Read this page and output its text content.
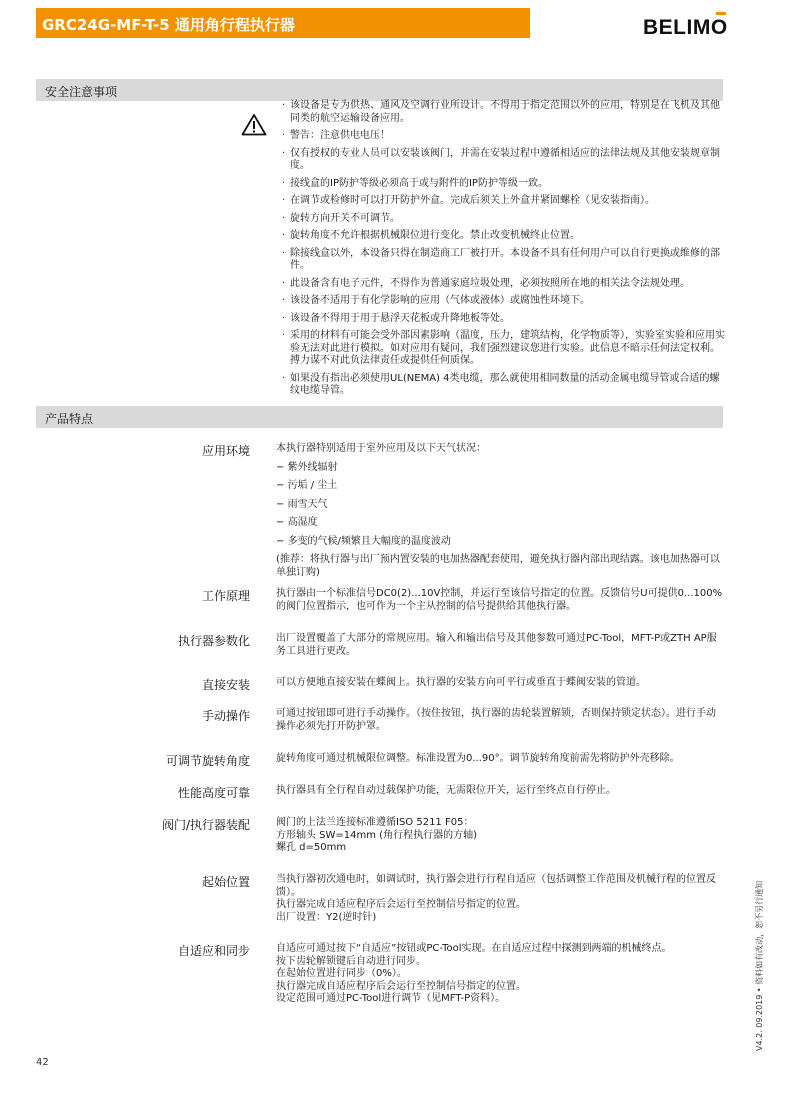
GRC24G-MF-T-5 通用角行程执行器	BELIMO
安全注意事项
· 该设备是专为供热、通风及空调行业所设计。不得用于指定范围以外的应用，特别是在飞机及其他同类的航空运输设备应用。
· 警告：注意供电电压！
· 仅有授权的专业人员可以安装该阀门，并需在安装过程中遵循相适应的法律法规及其他安装规章制度。
· 接线盒的IP防护等级必须高于或与附件的IP防护等级一致。
· 在调节或检修时可以打开防护外盒。完成后须关上外盒并紧固螺栓（见安装指南）。
· 旋转方向开关不可调节。
· 旋转角度不允许根据机械限位进行变化。禁止改变机械终止位置。
· 除接线盒以外，本设备只得在制造商工厂被打开。本设备不具有任何用户可以自行更换或维修的部件。
· 此设备含有电子元件，不得作为普通家庭垃圾处理，必须按照所在地的相关法令法规处理。
· 该设备不适用于有化学影响的应用（气体或液体）或腐蚀性环境下。
· 该设备不得用于用于悬浮天花板或升降地板等处。
· 采用的材料有可能会受外部因素影响（温度，压力，建筑结构，化学物质等），实验室实验和应用实验无法对此进行模拟。如对应用有疑问，我们强烈建议您进行实验。此信息不暗示任何法定权利。搏力谋不对此负法律责任或提供任何质保。
· 如果没有指出必须使用UL(NEMA) 4类电缆，那么就使用相同数量的活动金属电缆导管或合适的螺纹电缆导管。
产品特点
应用环境	本执行器特别适用于室外应用及以下天气状况：
− 紫外线辐射
− 污垢 / 尘土
− 雨雪天气
− 高湿度
− 多变的气候/频繁且大幅度的温度波动
(推荐：将执行器与出厂预内置安装的电加热器配套使用，避免执行器内部出现结露。该电加热器可以单独订购)
工作原理	执行器由一个标准信号DC0(2)...10V控制，并运行至该信号指定的位置。反馈信号U可提供0...100%的阀门位置指示，也可作为一个主从控制的信号提供给其他执行器。
执行器参数化	出厂设置覆盖了大部分的常规应用。输入和输出信号及其他参数可通过PC-Tool，MFT-P或ZTH AP服务工具进行更改。
直接安装	可以方便地直接安装在蝶阀上。执行器的安装方向可平行或垂直于蝶阀安装的管道。
手动操作	可通过按钮即可进行手动操作。（按住按钮，执行器的齿轮装置解锁，否则保持锁定状态）。进行手动操作必须先打开防护罩。
可调节旋转角度	旋转角度可通过机械限位调整。标准设置为0...90°。调节旋转角度前需先将防护外壳移除。
性能高度可靠	执行器具有全行程自动过载保护功能，无需限位开关，运行至终点自行停止。
阀门/执行器装配	阀门的上法兰连接标准遵循ISO 5211 F05：
方形轴头 SW=14mm (角行程执行器的方轴)
螺孔 d=50mm
起始位置	当执行器初次通电时，如调试时，执行器会进行行程自适应（包括调整工作范围及机械行程的位置反馈）。
执行器完成自适应程序后会运行至控制信号指定的位置。
出厂设置：Y2(逆时针)
自适应和同步	自适应可通过按下“自适应”按钮或PC-Tool实现。在自适应过程中探测到两端的机械终点。
按下齿轮解锁键后自动进行同步。
在起始位置进行同步（0%）。
执行器完成自适应程序后会运行至控制信号指定的位置。
设定范围可通过PC-Tool进行调节（见MFT-P资料）。	V4.2. 09.2019 • 资料如有改动，恕不另行通知
42
